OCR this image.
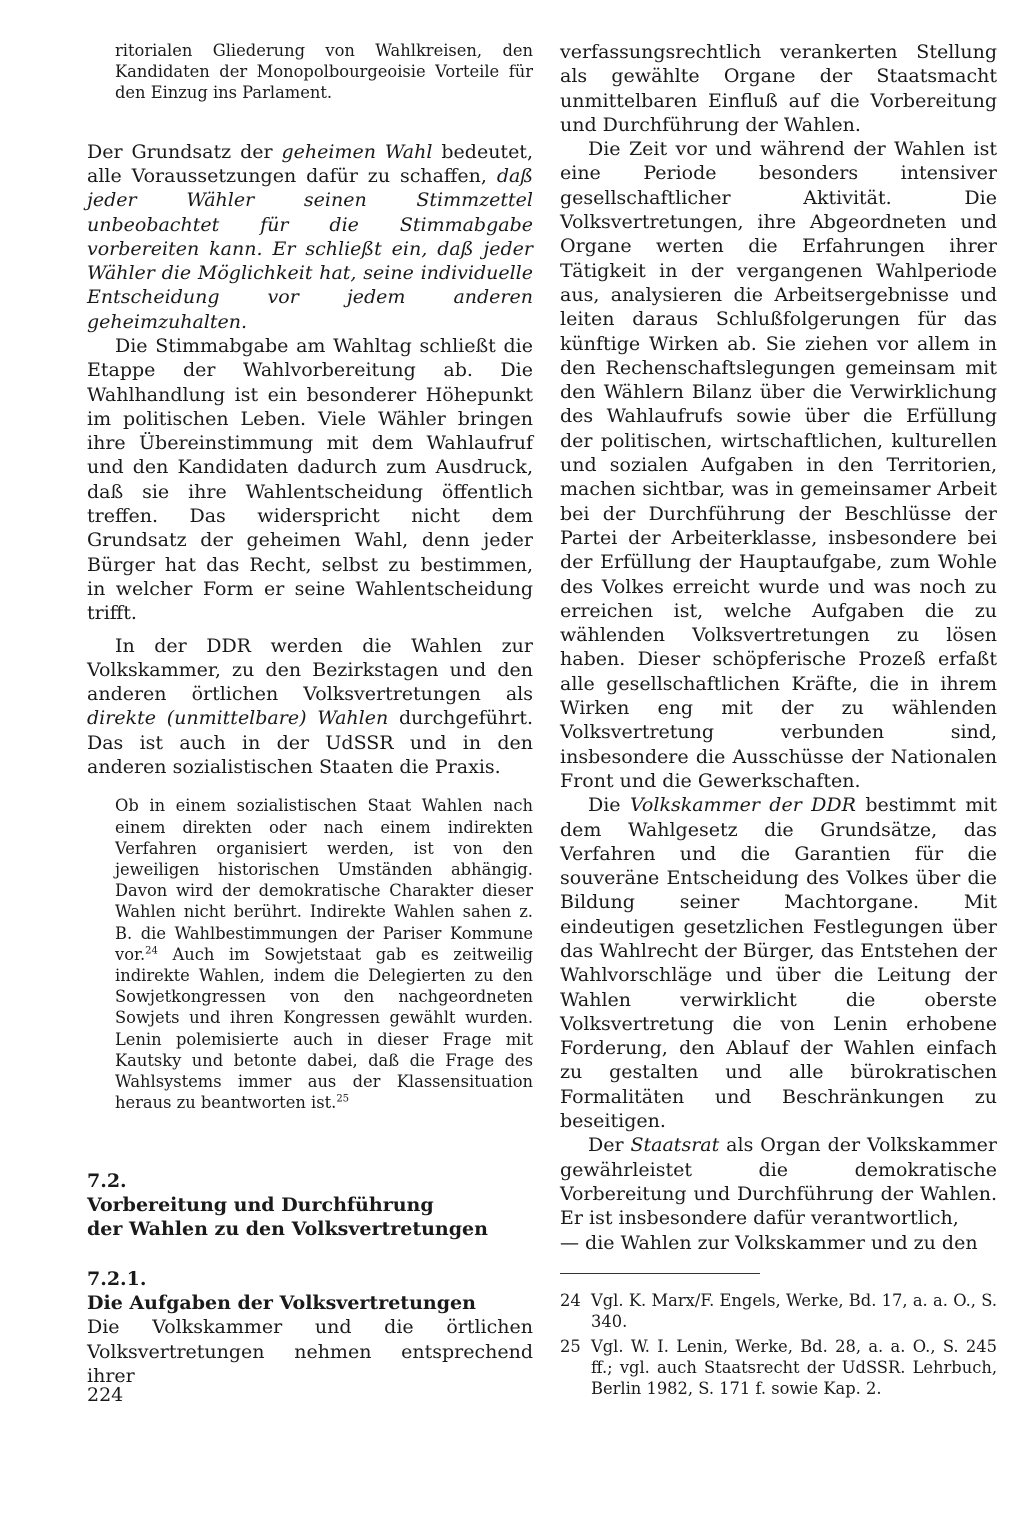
ritorialen Gliederung von Wahlkreisen, den Kandidaten der Monopolbourgeoisie Vorteile für den Einzug ins Parlament.

Der Grundsatz der geheimen Wahl bedeutet, alle Voraussetzungen dafür zu schaffen, daß jeder Wähler seinen Stimmzettel unbeobachtet für die Stimmabgabe vorbereiten kann. Er schließt ein, daß jeder Wähler die Möglichkeit hat, seine individuelle Entscheidung vor jedem anderen geheimzuhalten.

Die Stimmabgabe am Wahltag schließt die Etappe der Wahlvorbereitung ab. Die Wahlhandlung ist ein besonderer Höhepunkt im politischen Leben. Viele Wähler bringen ihre Übereinstimmung mit dem Wahlaufruf und den Kandidaten dadurch zum Ausdruck, daß sie ihre Wahlentscheidung öffentlich treffen. Das widerspricht nicht dem Grundsatz der geheimen Wahl, denn jeder Bürger hat das Recht, selbst zu bestimmen, in welcher Form er seine Wahlentscheidung trifft.

In der DDR werden die Wahlen zur Volkskammer, zu den Bezirkstagen und den anderen örtlichen Volksvertretungen als direkte (unmittelbare) Wahlen durchgeführt. Das ist auch in der UdSSR und in den anderen sozialistischen Staaten die Praxis.

Ob in einem sozialistischen Staat Wahlen nach einem direkten oder nach einem indirekten Verfahren organisiert werden, ist von den jeweiligen historischen Umständen abhängig. Davon wird der demokratische Charakter dieser Wahlen nicht berührt. Indirekte Wahlen sahen z. B. die Wahlbestimmungen der Pariser Kommune vor.$^{24}$ Auch im Sowjetstaat gab es zeitweilig indirekte Wahlen, indem die Delegierten zu den Sowjetkongressen von den nachgeordneten Sowjets und ihren Kongressen gewählt wurden. Lenin polemisierte auch in dieser Frage mit Kautsky und betonte dabei, daß die Frage des Wahlsystems immer aus der Klassensituation heraus zu beantworten ist.$^{25}$

7.2.

Vorbereitung und Durchführung

der Wahlen zu den Volksvertretungen

7.2.1.

Die Aufgaben der Volksvertretungen

Die Volkskammer und die örtlichen Volksvertretungen nehmen entsprechend ihrer

verfassungsrechtlich verankerten Stellung als gewählte Organe der Staatsmacht unmittelbaren Einfluß auf die Vorbereitung und Durchführung der Wahlen.

Die Zeit vor und während der Wahlen ist eine Periode besonders intensiver gesellschaftlicher Aktivität. Die Volksvertretungen, ihre Abgeordneten und Organe werten die Erfahrungen ihrer Tätigkeit in der vergangenen Wahlperiode aus, analysieren die Arbeitsergebnisse und leiten daraus Schlußfolgerungen für das künftige Wirken ab. Sie ziehen vor allem in den Rechenschaftslegungen gemeinsam mit den Wählern Bilanz über die Verwirklichung des Wahlaufrufs sowie über die Erfüllung der politischen, wirtschaftlichen, kulturellen und sozialen Aufgaben in den Territorien, machen sichtbar, was in gemeinsamer Arbeit bei der Durchführung der Beschlüsse der Partei der Arbeiterklasse, insbesondere bei der Erfüllung der Hauptaufgabe, zum Wohle des Volkes erreicht wurde und was noch zu erreichen ist, welche Aufgaben die zu wählenden Volksvertretungen zu lösen haben. Dieser schöpferische Prozeß erfaßt alle gesellschaftlichen Kräfte, die in ihrem Wirken eng mit der zu wählenden Volksvertretung verbunden sind, insbesondere die Ausschüsse der Nationalen Front und die Gewerkschaften.

Die Volkskammer der DDR bestimmt mit dem Wahlgesetz die Grundsätze, das Verfahren und die Garantien für die souveräne Entscheidung des Volkes über die Bildung seiner Machtorgane. Mit eindeutigen gesetzlichen Festlegungen über das Wahlrecht der Bürger, das Entstehen der Wahlvorschläge und über die Leitung der Wahlen verwirklicht die oberste Volksvertretung die von Lenin erhobene Forderung, den Ablauf der Wahlen einfach zu gestalten und alle bürokratischen Formalitäten und Beschränkungen zu beseitigen.

Der Staatsrat als Organ der Volkskammer gewährleistet die demokratische Vorbereitung und Durchführung der Wahlen. Er ist insbesondere dafür verantwortlich,

— die Wahlen zur Volkskammer und zu den

24 Vgl. K. Marx/F. Engels, Werke, Bd. 17, a. a. O., S. 340.
25 Vgl. W. I. Lenin, Werke, Bd. 28, a. a. O., S. 245 ff.; vgl. auch Staatsrecht der UdSSR. Lehrbuch, Berlin 1982, S. 171 f. sowie Kap. 2.
224
